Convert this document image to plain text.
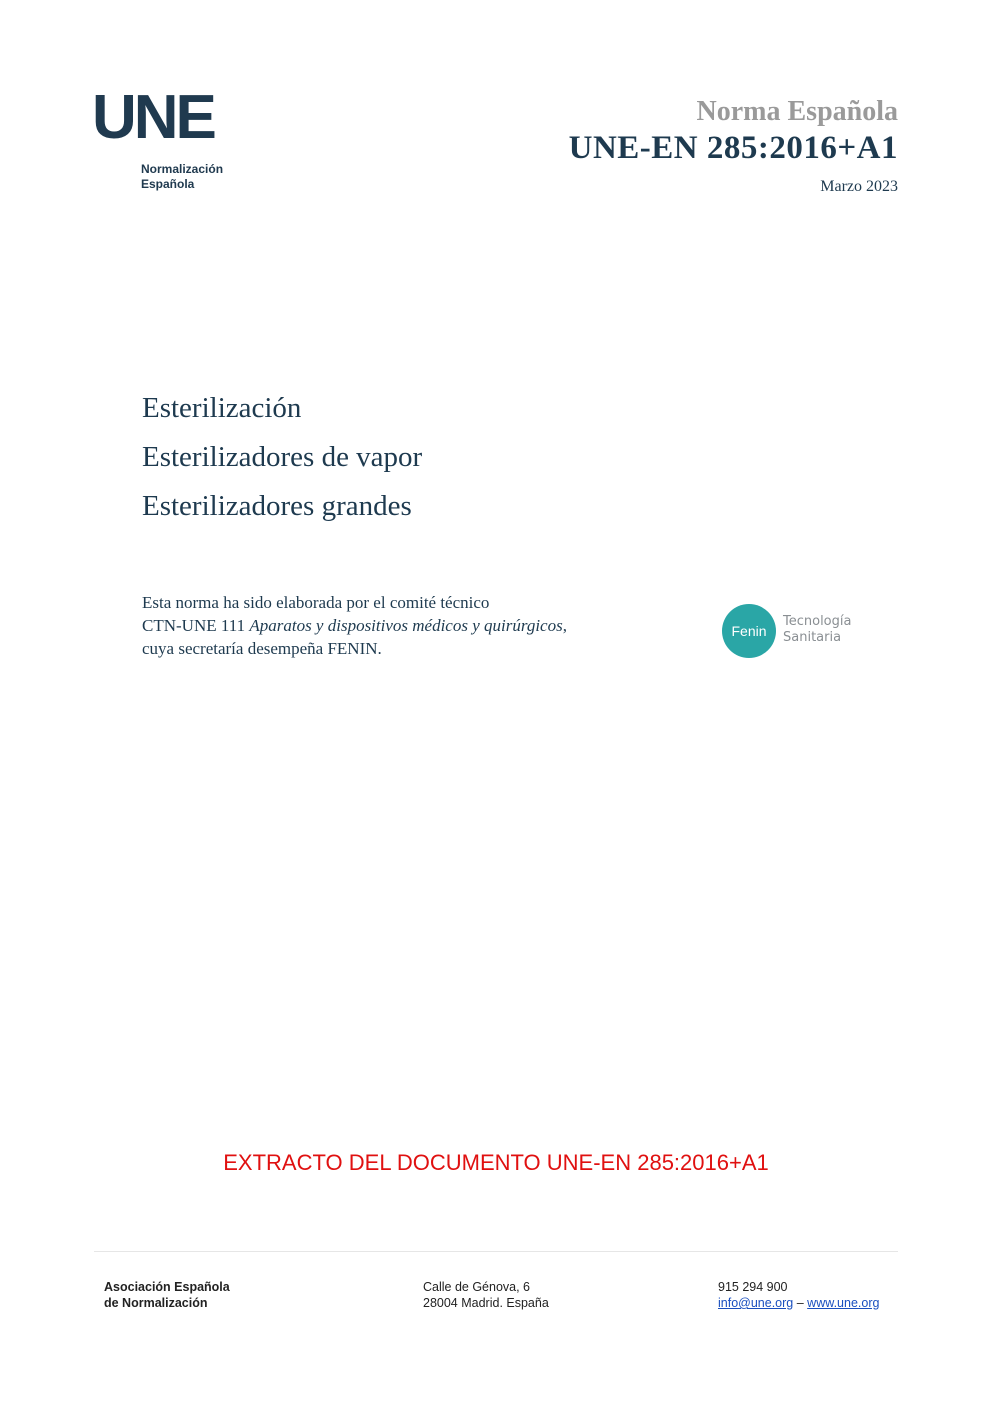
UNE
Normalización
Española
Norma Española
UNE-EN 285:2016+A1
Marzo 2023
Esterilización
Esterilizadores de vapor
Esterilizadores grandes
Esta norma ha sido elaborada por el comité técnico
CTN-UNE 111 Aparatos y dispositivos médicos y quirúrgicos,
cuya secretaría desempeña FENIN.
Fenin
Tecnología
Sanitaria
EXTRACTO DEL DOCUMENTO UNE-EN 285:2016+A1
Asociación Española
de Normalización
Calle de Génova, 6
28004 Madrid. España
915 294 900
info@une.org – www.une.org
